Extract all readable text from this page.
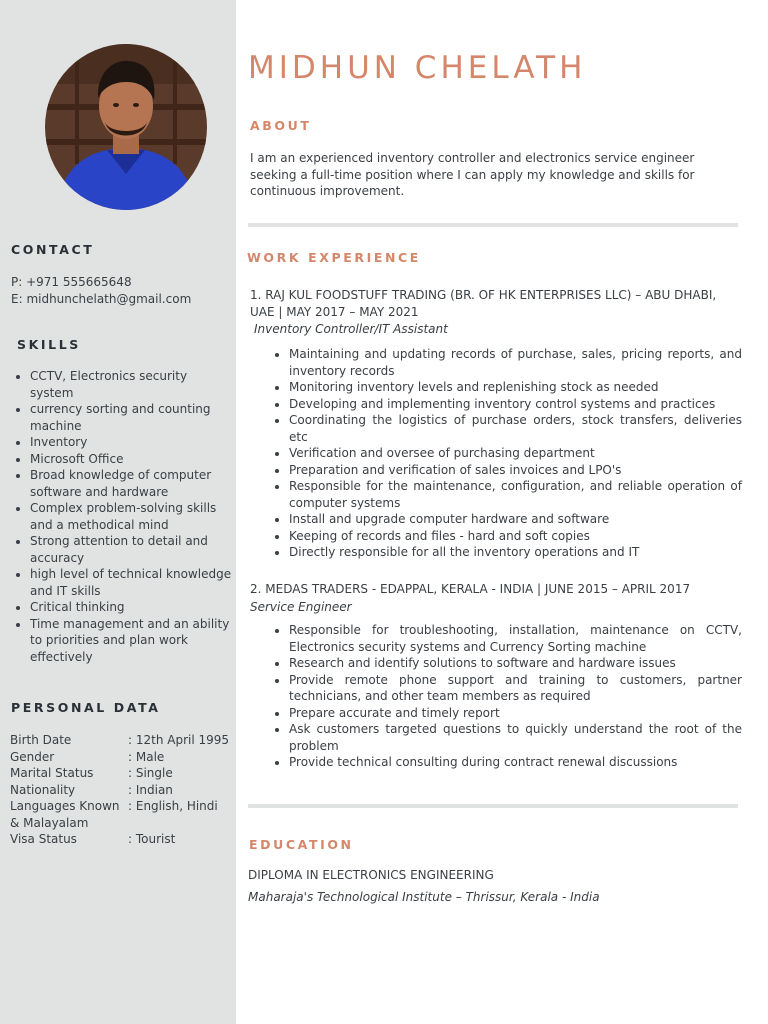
CONTACT
P: +971 555665648
E: midhunchelath@gmail.com
SKILLS
• CCTV, Electronics security system
• currency sorting and counting machine
• Inventory
• Microsoft Office
• Broad knowledge of computer software and hardware
• Complex problem-solving skills and a methodical mind
• Strong attention to detail and accuracy
• high level of technical knowledge and IT skills
• Critical thinking
• Time management and an ability to priorities and plan work effectively
PERSONAL DATA
Birth Date	: 12th April 1995
Gender	: Male
Marital Status	: Single
Nationality	: Indian
Languages Known : English, Hindi
& Malayalam
Visa Status	: Tourist
MIDHUN CHELATH
ABOUT

I am an experienced inventory controller and electronics service engineer seeking a full-time position where I can apply my knowledge and skills for continuous improvement.

WORK EXPERIENCE

1. RAJ KUL FOODSTUFF TRADING (BR. OF HK ENTERPRISES LLC) – ABU DHABI, UAE | MAY 2017 – MAY 2021

Inventory Controller/IT Assistant

• Maintaining and updating records of purchase, sales, pricing reports, and inventory records
• Monitoring inventory levels and replenishing stock as needed
• Developing and implementing inventory control systems and practices
• Coordinating the logistics of purchase orders, stock transfers, deliveries etc
• Verification and oversee of purchasing department
• Preparation and verification of sales invoices and LPO's
• Responsible for the maintenance, configuration, and reliable operation of computer systems
• Install and upgrade computer hardware and software
• Keeping of records and files - hard and soft copies
• Directly responsible for all the inventory operations and IT

2. MEDAS TRADERS - EDAPPAL, KERALA - INDIA | JUNE 2015 – APRIL 2017

Service Engineer

• Responsible for troubleshooting, installation, maintenance on CCTV, Electronics security systems and Currency Sorting machine
• Research and identify solutions to software and hardware issues
• Provide remote phone support and training to customers, partner technicians, and other team members as required
• Prepare accurate and timely report
• Ask customers targeted questions to quickly understand the root of the problem
• Provide technical consulting during contract renewal discussions
EDUCATION

DIPLOMA IN ELECTRONICS ENGINEERING

Maharaja's Technological Institute – Thrissur, Kerala - India
